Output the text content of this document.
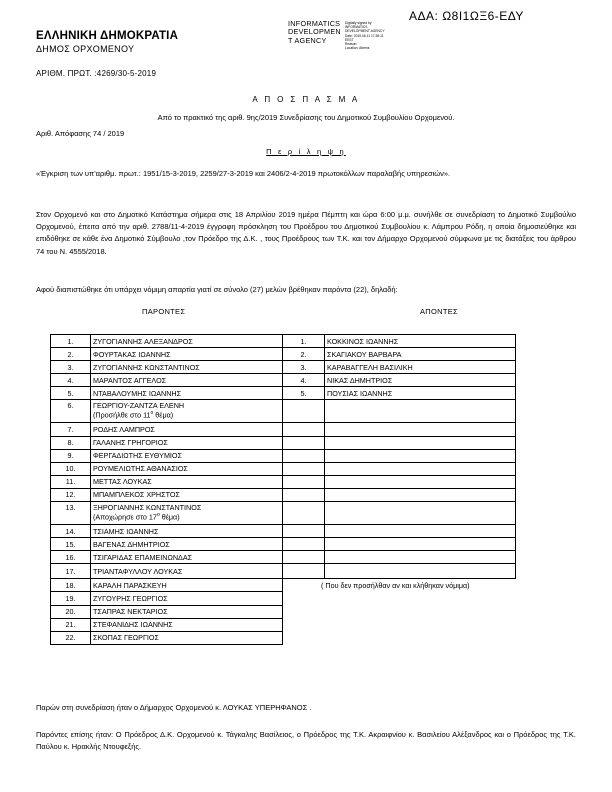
ΑΔΑ: Ω8Ι1ΩΞ6-ΕΔΥ
ΕΛΛΗΝΙΚΗ ΔΗΜΟΚΡΑΤΙΑ
ΔΗΜΟΣ ΟΡΧΟΜΕΝΟΥ
INFORMATICS
DEVELOPMEN
T AGENCY
Digitally signed by
INFORMATICS
DEVELOPMENT AGENCY
Date: 2019.06.11 17:38:11
EEST
Reason:
Location: Athens
ΑΡΙΘΜ. ΠΡΩΤ. :4269/30-5-2019
Α Π Ο Σ Π Α Σ Μ Α
Από το πρακτικό της αριθ. 9ης/2019 Συνεδρίασης του Δημοτικού Συμβουλίου Ορχομενού.
Αριθ. Απόφασης 74 / 2019
Π ε ρ ί λ η ψ η
«Έγκριση των υπ'αριθμ. πρωτ.: 1951/15-3-2019, 2259/27-3-2019 και 2406/2-4-2019 πρωτοκόλλων παραλαβής υπηρεσιών».
Στον Ορχομενό και στο Δημοτικό Κατάστημα σήμερα στις 18 Απριλίου 2019 ημέρα Πέμπτη και ώρα 6:00 μ.μ. συνήλθε σε συνεδρίαση το Δημοτικό Συμβούλιο Ορχομενού, έπειτα από την αριθ. 2788/11-4-2019 έγγραφη πρόσκληση του Προέδρου του Δημοτικού Συμβουλίου κ. Λάμπρου Ρόδη, η οποία δημοσιεύθηκε και επιδόθηκε σε κάθε ένα Δημοτικό Σύμβουλο ,τον Πρόεδρο της Δ.Κ. , τους Προέδρους των Τ.Κ. και τον Δήμαρχο Ορχομενού σύμφωνα με τις διατάξεις του άρθρου 74 του Ν. 4555/2018.
Αφού διαπιστώθηκε ότι υπάρχει νόμιμη απαρτία γιατί σε σύνολο (27) μελών βρέθηκαν παρόντα (22), δηλαδή:
ΠΑΡΟΝΤΕΣ	ΑΠΟΝΤΕΣ
1.	ΖΥΓΟΓΙΑΝΝΗΣ ΑΛΕΞΑΝΔΡΟΣ	1.	ΚΟΚΚΙΝΟΣ ΙΩΑΝΝΗΣ
2.	ΦΟΥΡΤΑΚΑΣ ΙΩΑΝΝΗΣ	2.	ΣΚΑΓΙΑΚΟΥ ΒΑΡΒΑΡΑ
3.	ΖΥΓΟΓΙΑΝΝΗΣ ΚΩΝΣΤΑΝΤΙΝΟΣ	3.	ΚΑΡΑΒΑΓΓΕΛΗ ΒΑΣΙΛΙΚΗ
4.	ΜΑΡΑΝΤΟΣ ΑΓΓΕΛΟΣ	4.	ΝΙΚΑΣ ΔΗΜΗΤΡΙΟΣ
5.	ΝΤΑΒΑΛΟΥΜΗΣ ΙΩΑΝΝΗΣ	5.	ΠΟΥΣΙΑΣ ΙΩΑΝΝΗΣ
6.	ΓΕΩΡΓΙΟΥ-ΖΑΝΤΖΑ ΕΛΕΝΗ
(Προσήλθε στο $11^o$ θέμα)		

7.	ΡΟΔΗΣ ΛΑΜΠΡΟΣ		

8.	ΓΑΛΑΝΗΣ ΓΡΗΓΟΡΙΟΣ		

9.	ΦΕΡΓΑΔΙΩΤΗΣ ΕΥΘΥΜΙΟΣ		

10.	ΡΟΥΜΕΛΙΩΤΗΣ ΑΘΑΝΑΣΙΟΣ		

11.	ΜΕΤΤΑΣ ΛΟΥΚΑΣ		

12.	ΜΠΑΜΠΛΕΚΟΣ ΧΡΗΣΤΟΣ		

13.	ΞΗΡΟΓΙΑΝΝΗΣ ΚΩΝΣΤΑΝΤΙΝΟΣ
(Αποχώρησε στο $17^o$ θέμα)		

14.	ΤΣΙΑΜΗΣ ΙΩΑΝΝΗΣ		

15.	ΒΑΓΕΝΑΣ ΔΗΜΗΤΡΙΟΣ		

16.	ΤΣΙΓΑΡΙΔΑΣ ΕΠΑΜΕΙΝΩΝΔΑΣ		

17.	ΤΡΙΑΝΤΑΦΥΛΛΟΥ ΛΟΥΚΑΣ		

18.	ΚΑΡΑΛΗ ΠΑΡΑΣΚΕΥΗ	( Που δεν προσήλθαν αν και κλήθηκαν νόμιμα)	
19.	ΖΥΓΟΥΡΗΣ ΓΕΩΡΓΙΟΣ		

20.	ΤΣΑΠΡΑΣ ΝΕΚΤΑΡΙΟΣ		

21.	ΣΤΕΦΑΝΙΔΗΣ ΙΩΑΝΝΗΣ		

22.	ΣΚΟΠΑΣ ΓΕΩΡΓΙΟΣ		

Παρών στη συνεδρίαση ήταν ο Δήμαρχος Ορχομενού κ. ΛΟΥΚΑΣ ΥΠΕΡΗΦΑΝΟΣ .
Παρόντες επίσης ήταν: Ο Πρόεδρος Δ.Κ. Ορχομενού κ. Τάγκαλης Βασίλειος, ο Πρόεδρος της Τ.Κ. Ακραιφνίου κ. Βασιλείου Αλέξανδρος και ο Πρόεδρος της Τ.Κ. Παύλου κ. Ηρακλής Ντουφεξής.
